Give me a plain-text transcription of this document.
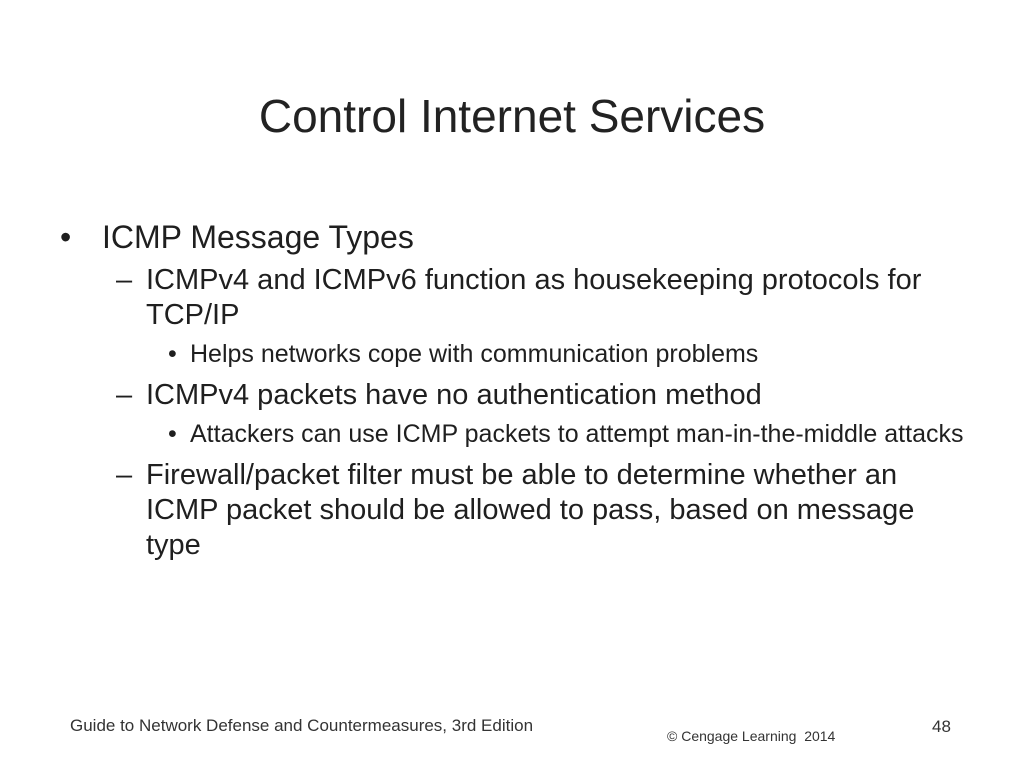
Control Internet Services
• ICMP Message Types
– ICMPv4 and ICMPv6 function as housekeeping protocols for TCP/IP
• Helps networks cope with communication problems
– ICMPv4 packets have no authentication method
• Attackers can use ICMP packets to attempt man-in-the-middle attacks
– Firewall/packet filter must be able to determine whether an ICMP packet should be allowed to pass, based on message type
Guide to Network Defense and Countermeasures, 3rd Edition
© Cengage Learning  2014	48
